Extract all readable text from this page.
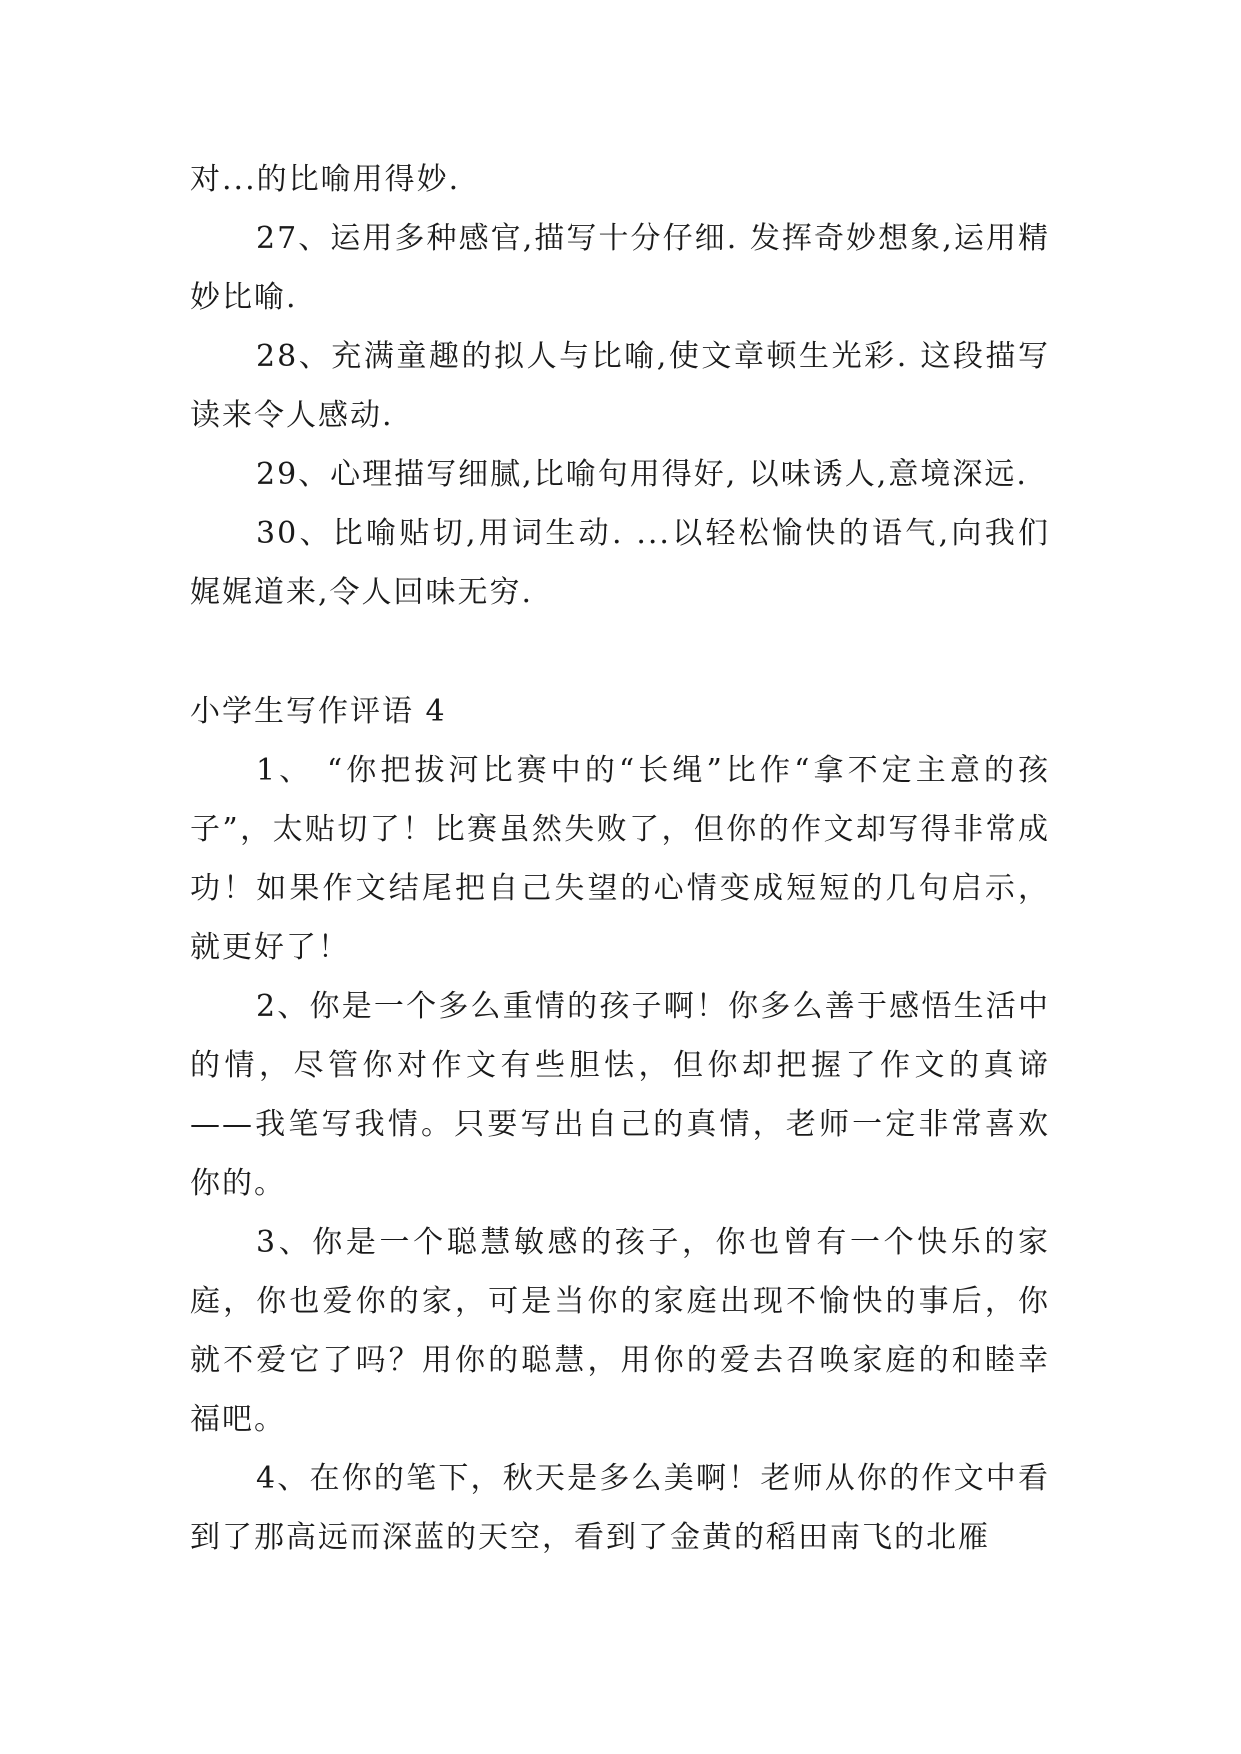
对...的比喻用得妙.

27、运用多种感官,描写十分仔细. 发挥奇妙想象,运用精妙比喻.

28、充满童趣的拟人与比喻,使文章顿生光彩. 这段描写读来令人感动.

29、心理描写细腻,比喻句用得好, 以味诱人,意境深远.

30、比喻贴切,用词生动. ...以轻松愉快的语气,向我们娓娓道来,令人回味无穷.

小学生写作评语 4

1、 “你把拔河比赛中的“长绳”比作“拿不定主意的孩子”，太贴切了！比赛虽然失败了，但你的作文却写得非常成功！如果作文结尾把自己失望的心情变成短短的几句启示，就更好了！

2、你是一个多么重情的孩子啊！你多么善于感悟生活中的情，尽管你对作文有些胆怯，但你却把握了作文的真谛——我笔写我情。只要写出自己的真情，老师一定非常喜欢你的。

3、你是一个聪慧敏感的孩子，你也曾有一个快乐的家庭，你也爱你的家，可是当你的家庭出现不愉快的事后，你就不爱它了吗？用你的聪慧，用你的爱去召唤家庭的和睦幸福吧。

4、在你的笔下，秋天是多么美啊！老师从你的作文中看到了那高远而深蓝的天空，看到了金黄的稻田南飞的北雁
